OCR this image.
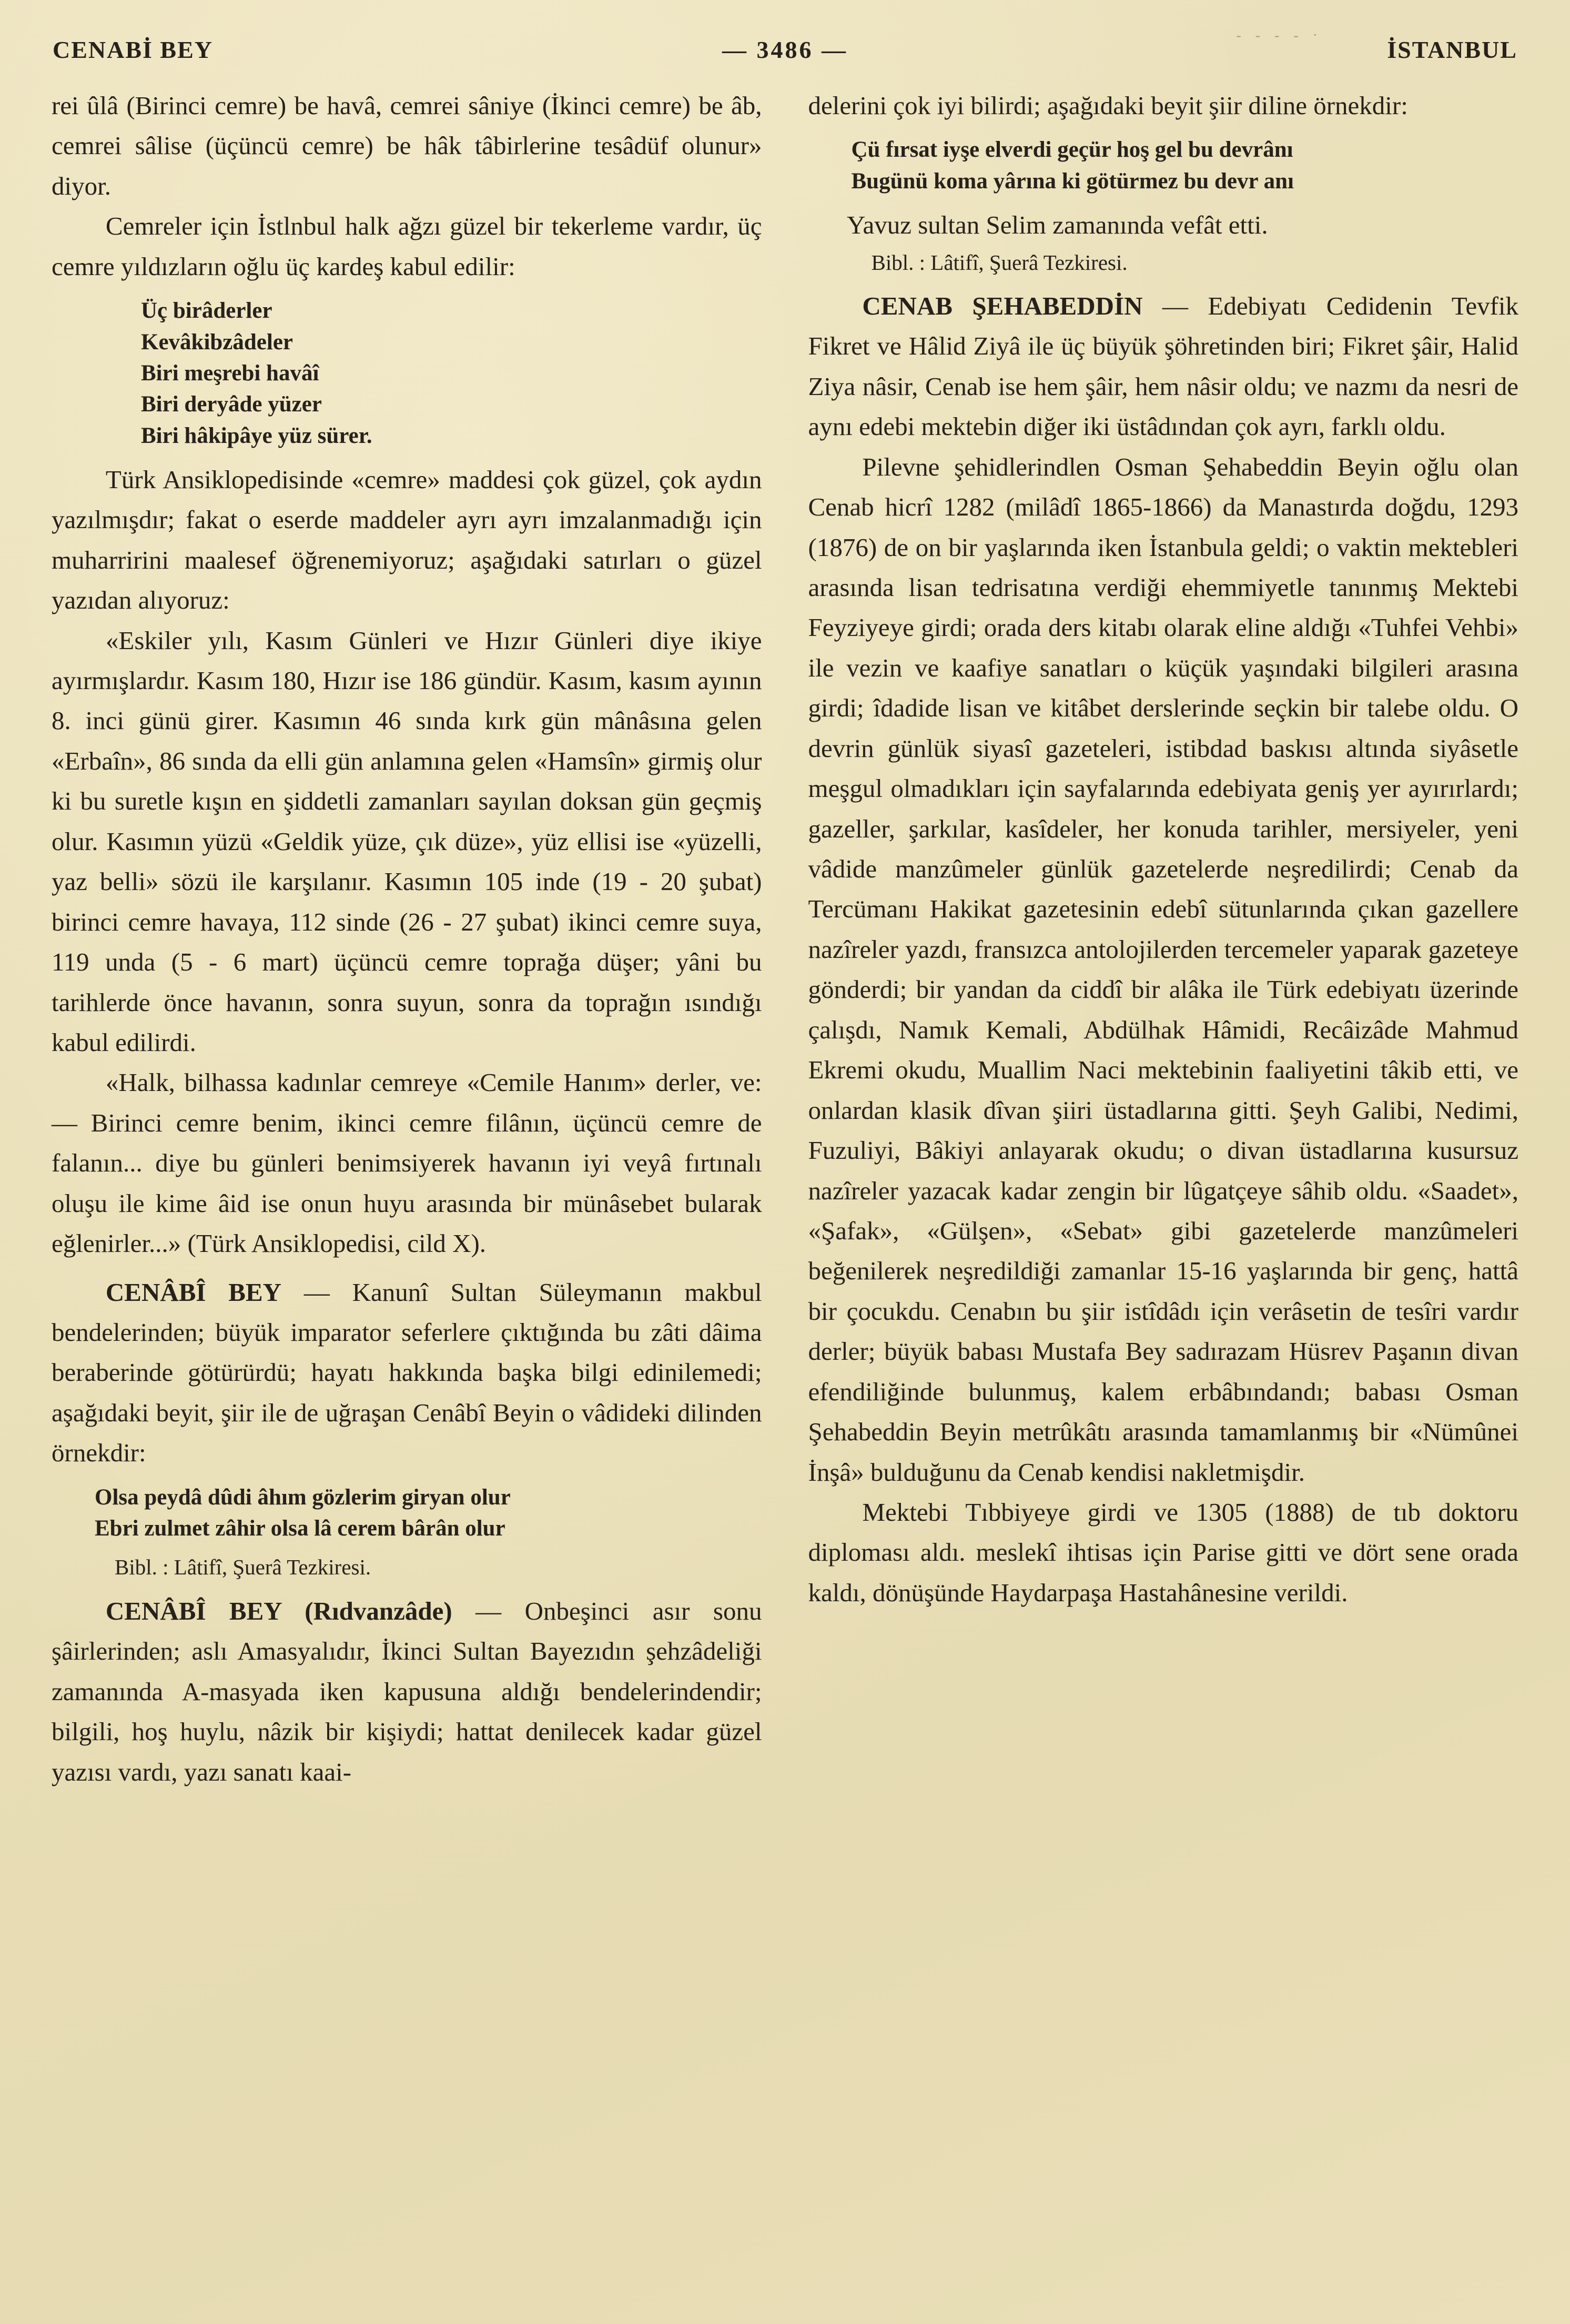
- - - - ·
CENABİ BEY	— 3486 —	İSTANBUL

rei ûlâ (Birinci cemre) be havâ, cemrei sâniye (İkinci cemre) be âb, cemrei sâlise (üçüncü cemre) be hâk tâbirlerine tesâdüf olunur» diyor.

Cemreler için İstlnbul halk ağzı güzel bir tekerleme vardır, üç cemre yıldızların oğlu üç kardeş kabul edilir:

Üç birâderler
Kevâkibzâdeler
Biri meşrebi havâî
Biri deryâde yüzer
Biri hâkipâye yüz sürer.

Türk Ansiklopedisinde «cemre» maddesi çok güzel, çok aydın yazılmışdır; fakat o eserde maddeler ayrı ayrı imzalanmadığı için muharririni maalesef öğrenemiyoruz; aşağıdaki satırları o güzel yazıdan alıyoruz:

«Eskiler yılı, Kasım Günleri ve Hızır Günleri diye ikiye ayırmışlardır. Kasım 180, Hızır ise 186 gündür. Kasım, kasım ayının 8. inci günü girer. Kasımın 46 sında kırk gün mânâsına gelen «Erbaîn», 86 sında da elli gün anlamına gelen «Hamsîn» girmiş olur ki bu suretle kışın en şiddetli zamanları sayılan doksan gün geçmiş olur. Kasımın yüzü «Geldik yüze, çık düze», yüz ellisi ise «yüzelli, yaz belli» sözü ile karşılanır. Kasımın 105 inde (19 - 20 şubat) birinci cemre havaya, 112 sinde (26 - 27 şubat) ikinci cemre suya, 119 unda (5 - 6 mart) üçüncü cemre toprağa düşer; yâni bu tarihlerde önce havanın, sonra suyun, sonra da toprağın ısındığı kabul edilirdi.

«Halk, bilhassa kadınlar cemreye «Cemile Hanım» derler, ve: — Birinci cemre benim, ikinci cemre filânın, üçüncü cemre de falanın... diye bu günleri benimsiyerek havanın iyi veyâ fırtınalı oluşu ile kime âid ise onun huyu arasında bir münâsebet bularak eğlenirler...» (Türk Ansiklopedisi, cild X).

CENÂBÎ BEY — Kanunî Sultan Süleymanın makbul bendelerinden; büyük imparator seferlere çıktığında bu zâti dâima beraberinde götürürdü; hayatı hakkında başka bilgi edinilemedi; aşağıdaki beyit, şiir ile de uğraşan Cenâbî Beyin o vâdideki dilinden örnekdir:

Olsa peydâ dûdi âhım gözlerim giryan olur
Ebri zulmet zâhir olsa lâ cerem bârân olur

Bibl. : Lâtifî, Şuerâ Tezkiresi.

CENÂBÎ BEY (Rıdvanzâde) — Onbeşinci asır sonu şâirlerinden; aslı Amasyalıdır, İkinci Sultan Bayezıdın şehzâdeliği zamanında A-masyada iken kapusuna aldığı bendelerindendir; bilgili, hoş huylu, nâzik bir kişiydi; hattat denilecek kadar güzel yazısı vardı, yazı sanatı kaai-

delerini çok iyi bilirdi; aşağıdaki beyit şiir diline örnekdir:

Çü fırsat iyşe elverdi geçür hoş gel bu devrânı
Bugünü koma yârına ki götürmez bu devr anı

Yavuz sultan Selim zamanında vefât etti.

Bibl. : Lâtifî, Şuerâ Tezkiresi.

CENAB ŞEHABEDDİN — Edebiyatı Cedidenin Tevfik Fikret ve Hâlid Ziyâ ile üç büyük şöhretinden biri; Fikret şâir, Halid Ziya nâsir, Cenab ise hem şâir, hem nâsir oldu; ve nazmı da nesri de aynı edebi mektebin diğer iki üstâdından çok ayrı, farklı oldu.

Pilevne şehidlerindlen Osman Şehabeddin Beyin oğlu olan Cenab hicrî 1282 (milâdî 1865-1866) da Manastırda doğdu, 1293 (1876) de on bir yaşlarında iken İstanbula geldi; o vaktin mektebleri arasında lisan tedrisatına verdiği ehemmiyetle tanınmış Mektebi Feyziyeye girdi; orada ders kitabı olarak eline aldığı «Tuhfei Vehbi» ile vezin ve kaafiye sanatları o küçük yaşındaki bilgileri arasına girdi; îdadide lisan ve kitâbet derslerinde seçkin bir talebe oldu. O devrin günlük siyasî gazeteleri, istibdad baskısı altında siyâsetle meşgul olmadıkları için sayfalarında edebiyata geniş yer ayırırlardı; gazeller, şarkılar, kasîdeler, her konuda tarihler, mersiyeler, yeni vâdide manzûmeler günlük gazetelerde neşredilirdi; Cenab da Tercümanı Hakikat gazetesinin edebî sütunlarında çıkan gazellere nazîreler yazdı, fransızca antolojilerden tercemeler yaparak gazeteye gönderdi; bir yandan da ciddî bir alâka ile Türk edebiyatı üzerinde çalışdı, Namık Kemali, Abdülhak Hâmidi, Recâizâde Mahmud Ekremi okudu, Muallim Naci mektebinin faaliyetini tâkib etti, ve onlardan klasik dîvan şiiri üstadlarına gitti. Şeyh Galibi, Nedimi, Fuzuliyi, Bâkiyi anlayarak okudu; o divan üstadlarına kusursuz nazîreler yazacak kadar zengin bir lûgatçeye sâhib oldu. «Saadet», «Şafak», «Gülşen», «Sebat» gibi gazetelerde manzûmeleri beğenilerek neşredildiği zamanlar 15-16 yaşlarında bir genç, hattâ bir çocukdu. Cenabın bu şiir istîdâdı için verâsetin de tesîri vardır derler; büyük babası Mustafa Bey sadırazam Hüsrev Paşanın divan efendiliğinde bulunmuş, kalem erbâbındandı; babası Osman Şehabeddin Beyin metrûkâtı arasında tamamlanmış bir «Nümûnei İnşâ» bulduğunu da Cenab kendisi nakletmişdir.

Mektebi Tıbbiyeye girdi ve 1305 (1888) de tıb doktoru diploması aldı. meslekî ihtisas için Parise gitti ve dört sene orada kaldı, dönüşünde Haydarpaşa Hastahânesine verildi.
